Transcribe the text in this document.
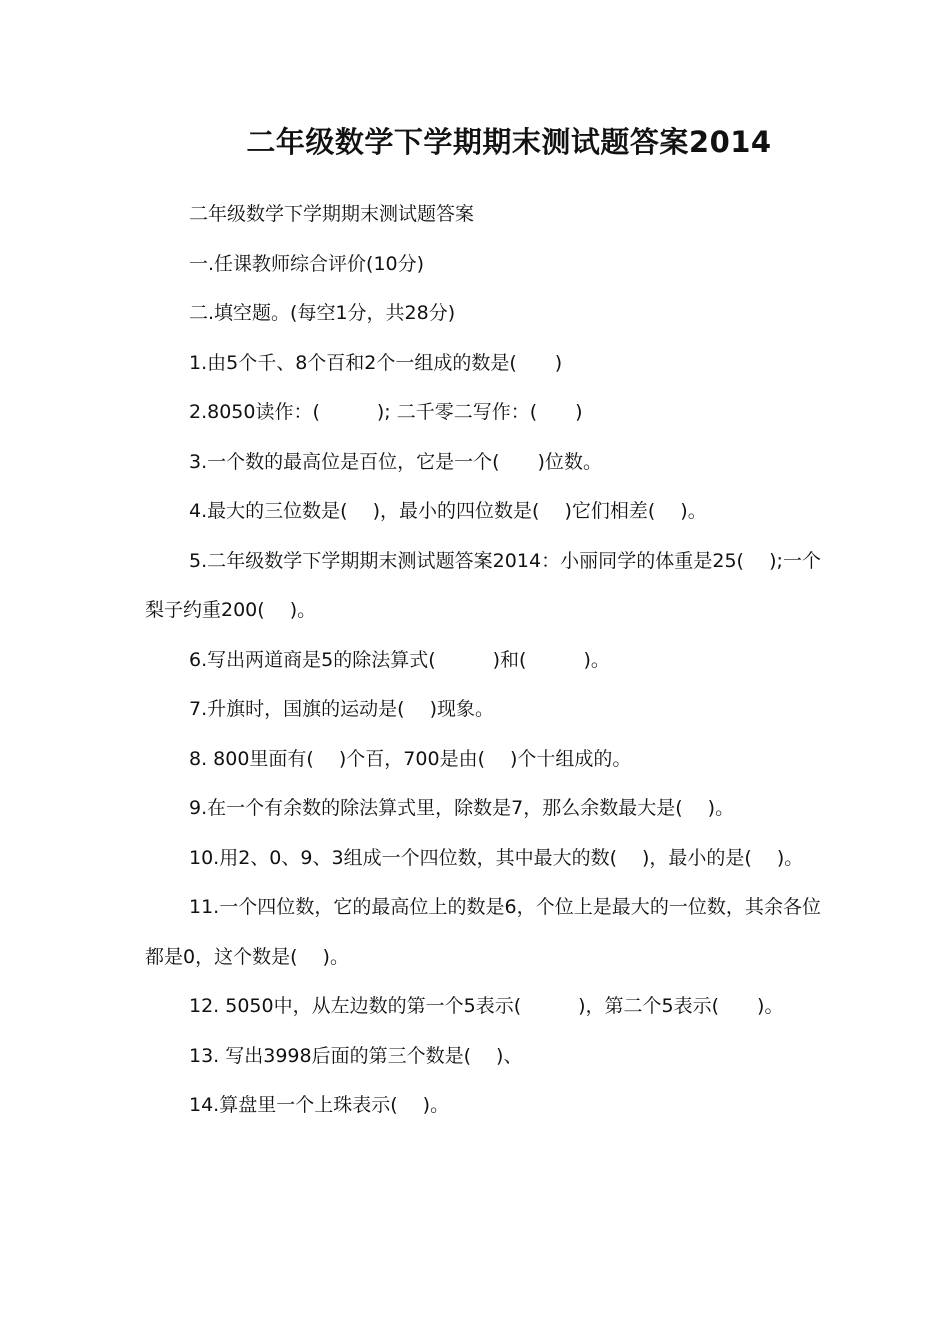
二年级数学下学期期末测试题答案2014

二年级数学下学期期末测试题答案

一.任课教师综合评价(10分)

二.填空题。(每空1分，共28分)

1.由5个千、8个百和2个一组成的数是(　　)

2.8050读作：(　　　); 二千零二写作：(　　)

3.一个数的最高位是百位，它是一个(　　)位数。

4.最大的三位数是(　 )，最小的四位数是(　 )它们相差(　 )。

5.二年级数学下学期期末测试题答案2014：小丽同学的体重是25(　 );一个梨子约重200(　 )。

6.写出两道商是5的除法算式(　　　)和(　　　)。

7.升旗时，国旗的运动是(　 )现象。

8. 800里面有(　 )个百，700是由(　 )个十组成的。

9.在一个有余数的除法算式里，除数是7，那么余数最大是(　 )。

10.用2、0、9、3组成一个四位数，其中最大的数(　 )，最小的是(　 )。

11.一个四位数，它的最高位上的数是6，个位上是最大的一位数，其余各位都是0，这个数是(　 )。

12. 5050中，从左边数的第一个5表示(　　　)，第二个5表示(　　)。

13. 写出3998后面的第三个数是(　 )、

14.算盘里一个上珠表示(　 )。
